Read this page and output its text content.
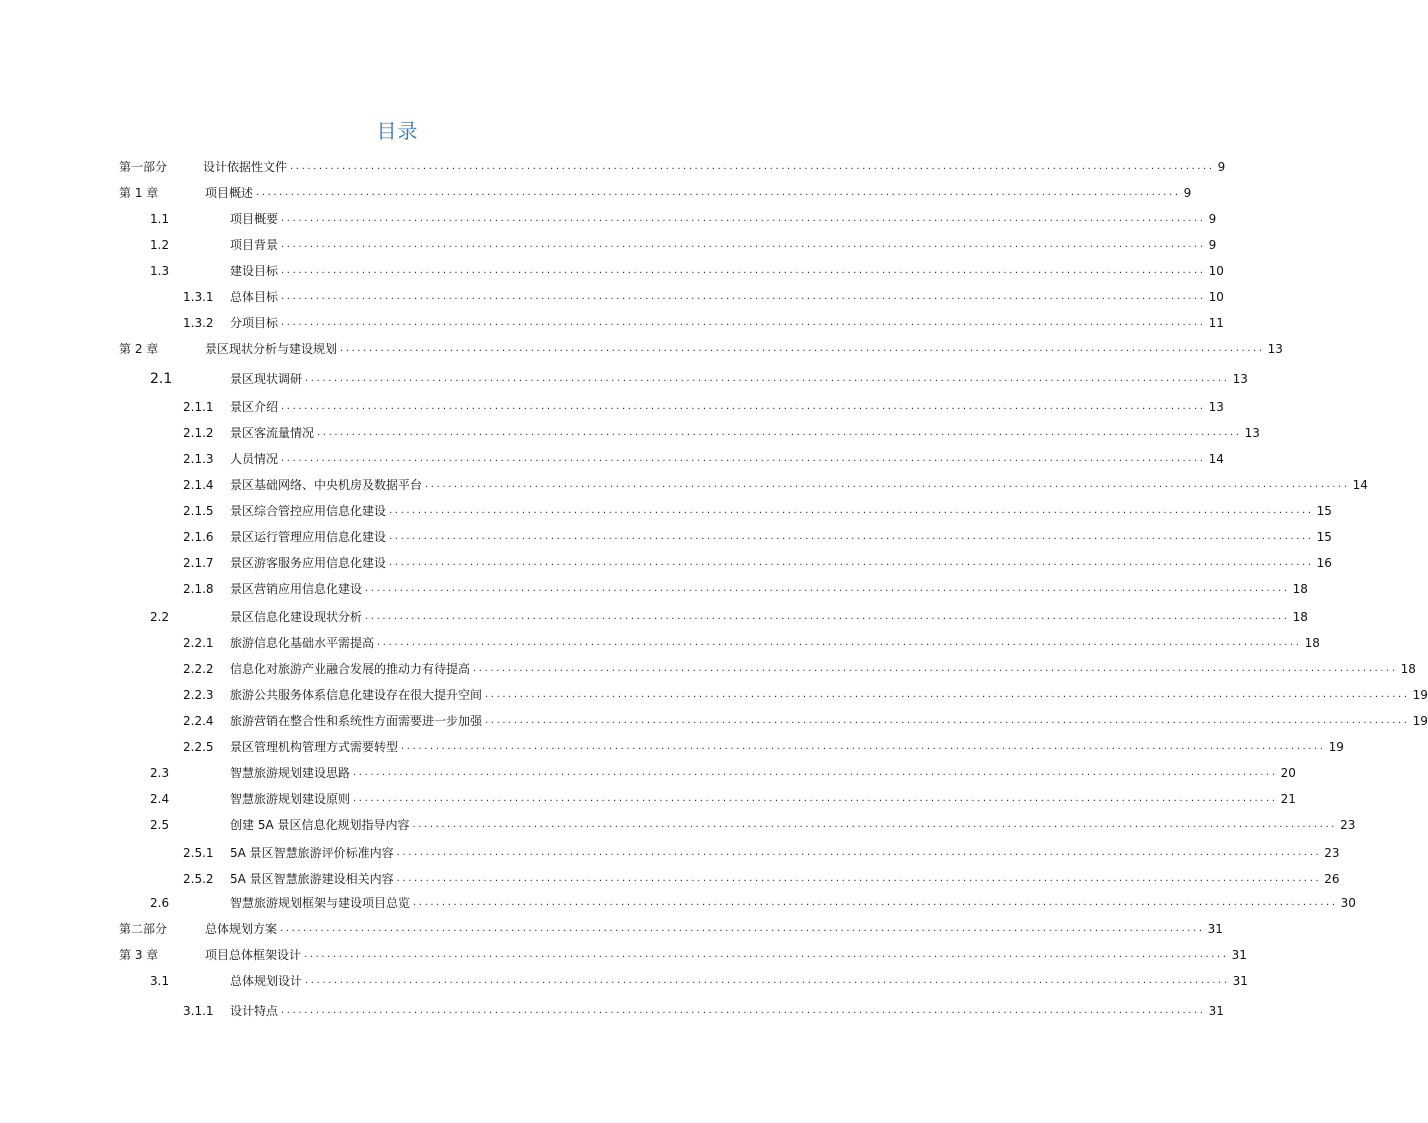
目录
第一部分	设计依据性文件 ................................................................................................................................................................ 9
第 1 章	项目概述 ................................................................................................................................................................ 9
1.1	项目概要 ................................................................................................................................................................ 9
1.2	项目背景 ................................................................................................................................................................ 9
1.3	建设目标 ................................................................................................................................................................ 10
1.3.1 总体目标 ................................................................................................................................................................ 10
1.3.2 分项目标 ................................................................................................................................................................ 11
第 2 章	景区现状分析与建设规划 ................................................................................................................................................................ 13
2.1	景区现状调研 ................................................................................................................................................................ 13
2.1.1 景区介绍 ................................................................................................................................................................ 13
2.1.2 景区客流量情况 ................................................................................................................................................................ 13
2.1.3 人员情况 ................................................................................................................................................................ 14
2.1.4 景区基础网络、中央机房及数据平台 ................................................................................................................................................................ 14
2.1.5 景区综合管控应用信息化建设 ................................................................................................................................................................ 15
2.1.6 景区运行管理应用信息化建设 ................................................................................................................................................................ 15
2.1.7 景区游客服务应用信息化建设 ................................................................................................................................................................ 16
2.1.8 景区营销应用信息化建设 ................................................................................................................................................................ 18
2.2	景区信息化建设现状分析 ................................................................................................................................................................ 18
2.2.1 旅游信息化基础水平需提高 ................................................................................................................................................................ 18
2.2.2 信息化对旅游产业融合发展的推动力有待提高 ................................................................................................................................................................ 18
2.2.3 旅游公共服务体系信息化建设存在很大提升空间 ................................................................................................................................................................ 19
2.2.4 旅游营销在整合性和系统性方面需要进一步加强 ................................................................................................................................................................ 19
2.2.5 景区管理机构管理方式需要转型 ................................................................................................................................................................ 19
2.3	智慧旅游规划建设思路 ................................................................................................................................................................ 20
2.4	智慧旅游规划建设原则 ................................................................................................................................................................ 21
2.5	创建 5A 景区信息化规划指导内容 ................................................................................................................................................................ 23
2.5.1 5A 景区智慧旅游评价标准内容 ................................................................................................................................................................ 23
2.5.2 5A 景区智慧旅游建设相关内容 ................................................................................................................................................................ 26
2.6	智慧旅游规划框架与建设项目总览 ................................................................................................................................................................ 30
第二部分	总体规划方案 ................................................................................................................................................................ 31
第 3 章	项目总体框架设计 ................................................................................................................................................................ 31
3.1	总体规划设计 ................................................................................................................................................................ 31
3.1.1 设计特点 ................................................................................................................................................................ 31
